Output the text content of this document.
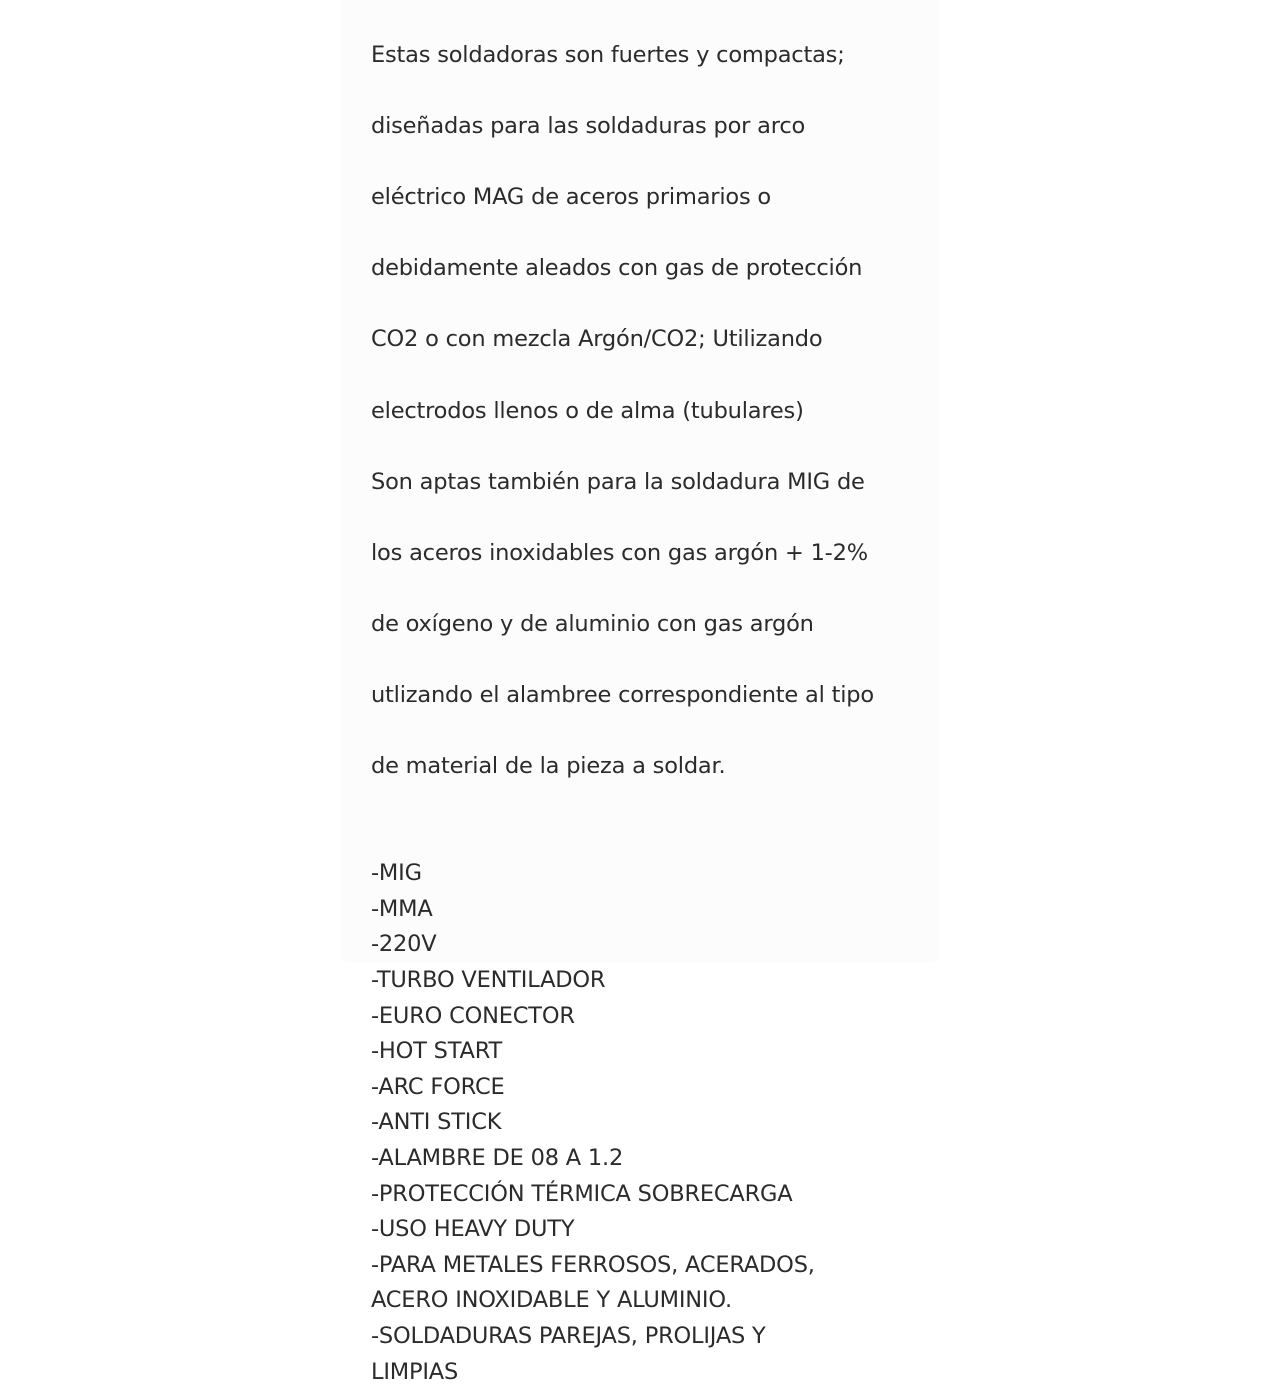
Estas soldadoras son fuertes y compactas;

diseñadas para las soldaduras por arco

eléctrico MAG de aceros primarios o

debidamente aleados con gas de protección

CO2 o con mezcla Argón/CO2; Utilizando

electrodos llenos o de alma (tubulares)

Son aptas también para la soldadura MIG de

los aceros inoxidables con gas argón + 1-2%

de oxígeno y de aluminio con gas argón

utlizando el alambree correspondiente al tipo

de material de la pieza a soldar.

-MIG
-MMA
-220V
-TURBO VENTILADOR
-EURO CONECTOR
-HOT START
-ARC FORCE
-ANTI STICK
-ALAMBRE DE 08 A 1.2
-PROTECCIÓN TÉRMICA SOBRECARGA
-USO HEAVY DUTY
-PARA METALES FERROSOS, ACERADOS,
ACERO INOXIDABLE Y ALUMINIO.
-SOLDADURAS PAREJAS, PROLIJAS Y
LIMPIAS
